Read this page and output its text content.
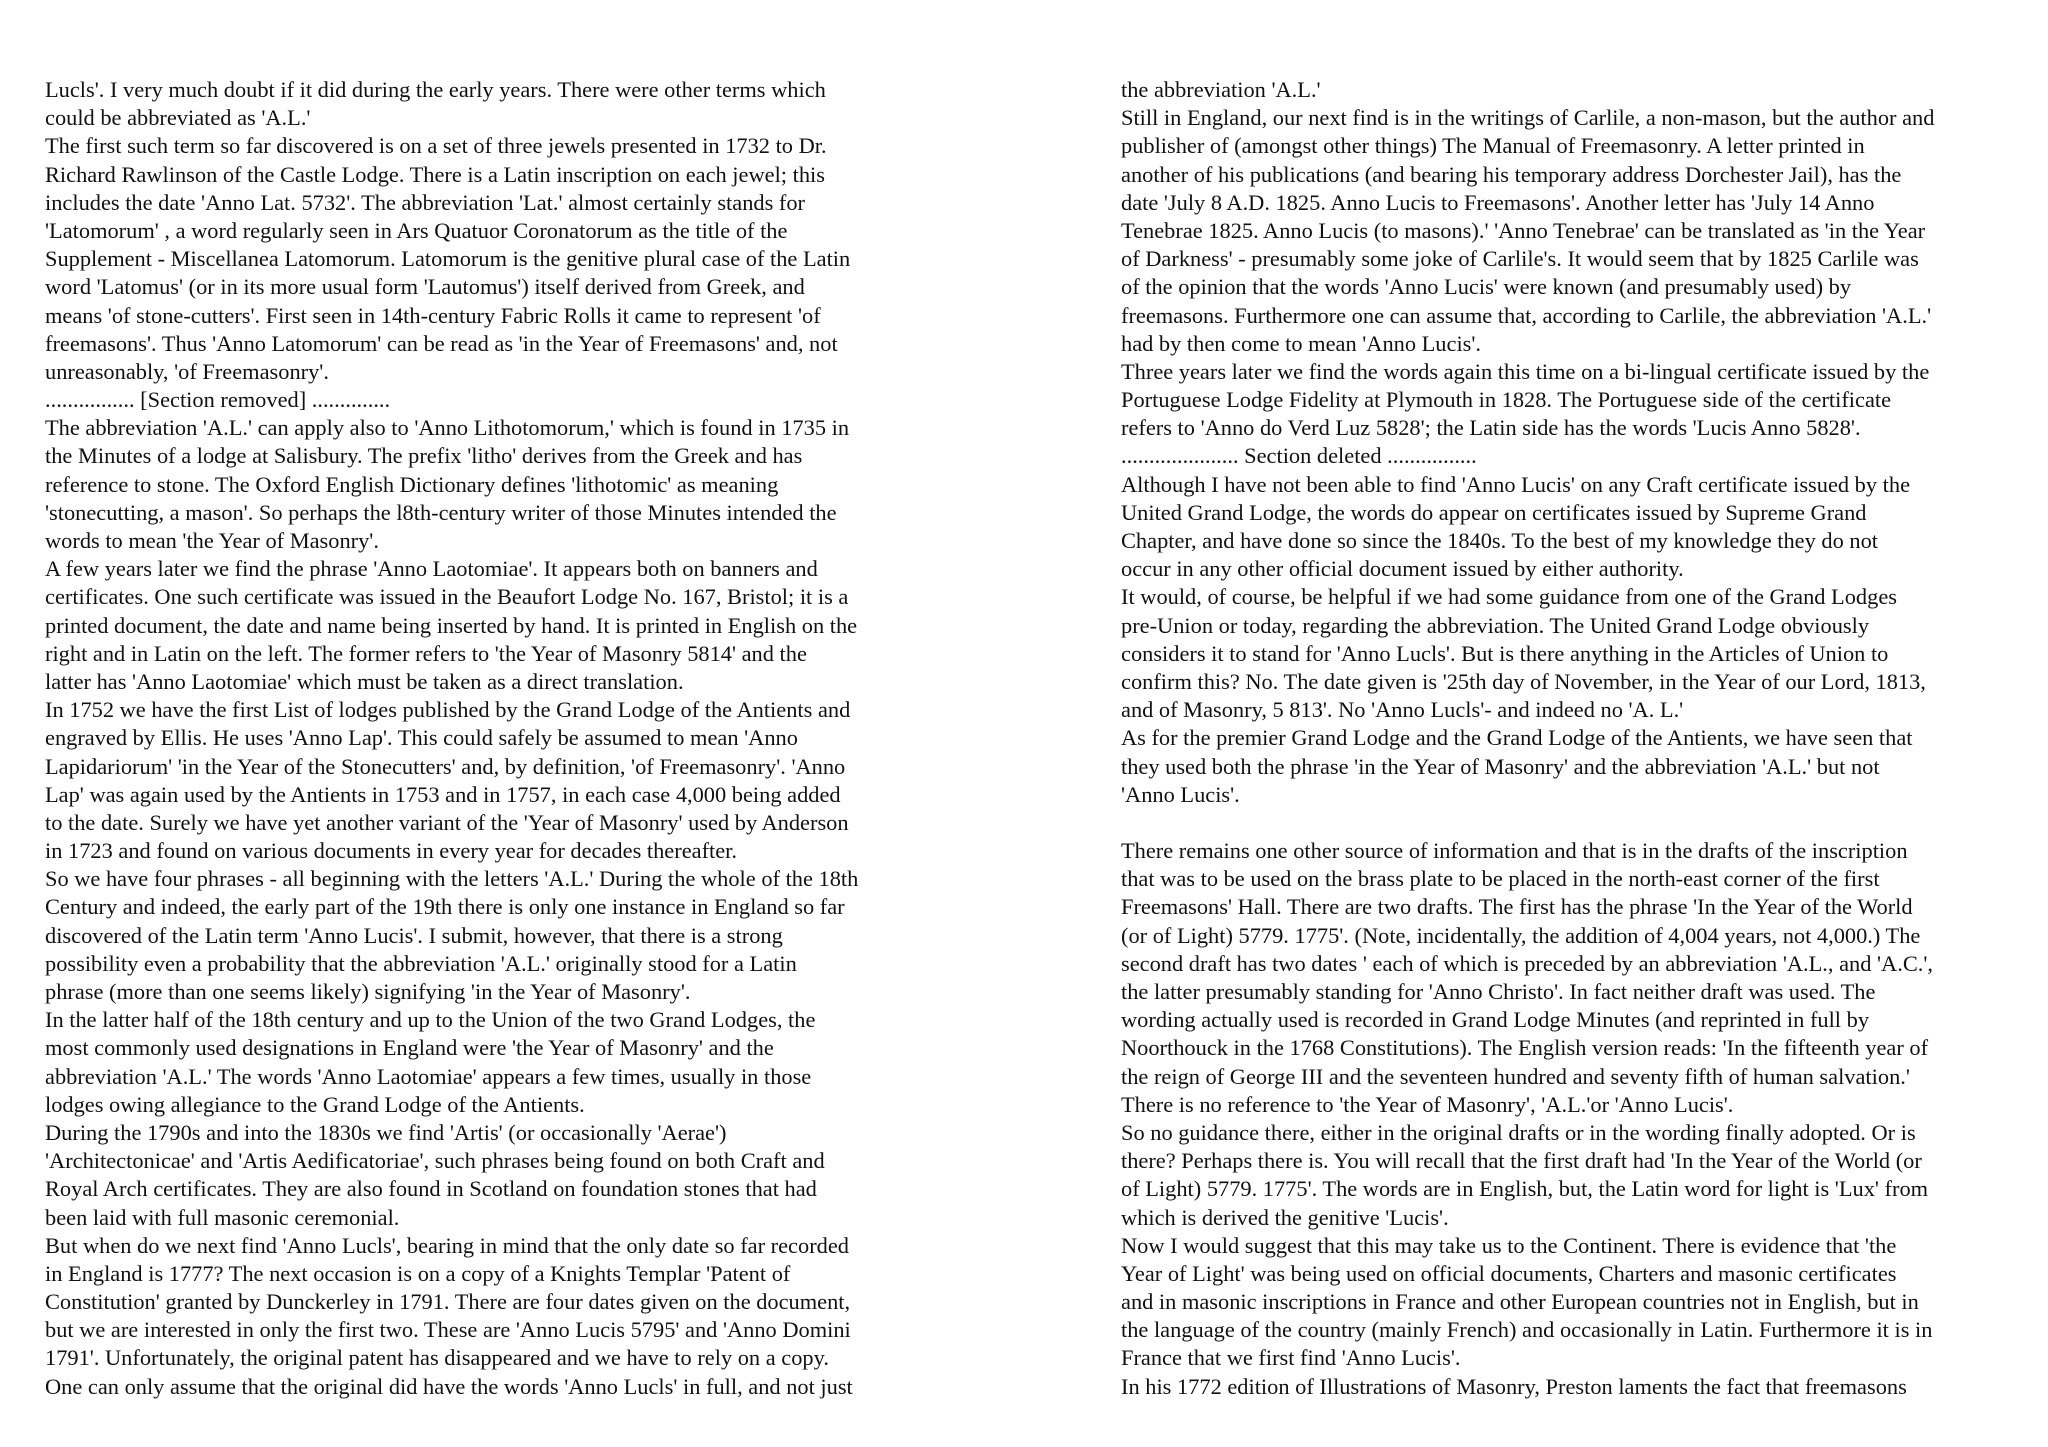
Lucls'. I very much doubt if it did during the early years. There were other terms which
could be abbreviated as 'A.L.'
The first such term so far discovered is on a set of three jewels presented in 1732 to Dr.
Richard Rawlinson of the Castle Lodge. There is a Latin inscription on each jewel; this
includes the date 'Anno Lat. 5732'. The abbreviation 'Lat.' almost certainly stands for
'Latomorum' , a word regularly seen in Ars Quatuor Coronatorum as the title of the
Supplement - Miscellanea Latomorum. Latomorum is the genitive plural case of the Latin
word 'Latomus' (or in its more usual form 'Lautomus') itself derived from Greek, and
means 'of stone-cutters'. First seen in 14th-century Fabric Rolls it came to represent 'of
freemasons'. Thus 'Anno Latomorum' can be read as 'in the Year of Freemasons' and, not
unreasonably, 'of Freemasonry'.
................ [Section removed] ..............
The abbreviation 'A.L.' can apply also to 'Anno Lithotomorum,' which is found in 1735 in
the Minutes of a lodge at Salisbury. The prefix 'litho' derives from the Greek and has
reference to stone. The Oxford English Dictionary defines 'lithotomic' as meaning
'stonecutting, a mason'. So perhaps the l8th-century writer of those Minutes intended the
words to mean 'the Year of Masonry'.
A few years later we find the phrase 'Anno Laotomiae'. It appears both on banners and
certificates. One such certificate was issued in the Beaufort Lodge No. 167, Bristol; it is a
printed document, the date and name being inserted by hand. It is printed in English on the
right and in Latin on the left. The former refers to 'the Year of Masonry 5814' and the
latter has 'Anno Laotomiae' which must be taken as a direct translation.
In 1752 we have the first List of lodges published by the Grand Lodge of the Antients and
engraved by Ellis. He uses 'Anno Lap'. This could safely be assumed to mean 'Anno
Lapidariorum' 'in the Year of the Stonecutters' and, by definition, 'of Freemasonry'. 'Anno
Lap' was again used by the Antients in 1753 and in 1757, in each case 4,000 being added
to the date. Surely we have yet another variant of the 'Year of Masonry' used by Anderson
in 1723 and found on various documents in every year for decades thereafter.
So we have four phrases - all beginning with the letters 'A.L.' During the whole of the 18th
Century and indeed, the early part of the 19th there is only one instance in England so far
discovered of the Latin term 'Anno Lucis'. I submit, however, that there is a strong
possibility even a probability that the abbreviation 'A.L.' originally stood for a Latin
phrase (more than one seems likely) signifying 'in the Year of Masonry'.
In the latter half of the 18th century and up to the Union of the two Grand Lodges, the
most commonly used designations in England were 'the Year of Masonry' and the
abbreviation 'A.L.' The words 'Anno Laotomiae' appears a few times, usually in those
lodges owing allegiance to the Grand Lodge of the Antients.
During the 1790s and into the 1830s we find 'Artis' (or occasionally 'Aerae')
'Architectonicae' and 'Artis Aedificatoriae', such phrases being found on both Craft and
Royal Arch certificates. They are also found in Scotland on foundation stones that had
been laid with full masonic ceremonial.
But when do we next find 'Anno Lucls', bearing in mind that the only date so far recorded
in England is 1777? The next occasion is on a copy of a Knights Templar 'Patent of
Constitution' granted by Dunckerley in 1791. There are four dates given on the document,
but we are interested in only the first two. These are 'Anno Lucis 5795' and 'Anno Domini
1791'. Unfortunately, the original patent has disappeared and we have to rely on a copy.
One can only assume that the original did have the words 'Anno Lucls' in full, and not just
the abbreviation 'A.L.'
Still in England, our next find is in the writings of Carlile, a non-mason, but the author and
publisher of (amongst other things) The Manual of Freemasonry. A letter printed in
another of his publications (and bearing his temporary address Dorchester Jail), has the
date 'July 8 A.D. 1825. Anno Lucis to Freemasons'. Another letter has 'July 14 Anno
Tenebrae 1825. Anno Lucis (to masons).' 'Anno Tenebrae' can be translated as 'in the Year
of Darkness' - presumably some joke of Carlile's. It would seem that by 1825 Carlile was
of the opinion that the words 'Anno Lucis' were known (and presumably used) by
freemasons. Furthermore one can assume that, according to Carlile, the abbreviation 'A.L.'
had by then come to mean 'Anno Lucis'.
Three years later we find the words again this time on a bi-lingual certificate issued by the
Portuguese Lodge Fidelity at Plymouth in 1828. The Portuguese side of the certificate
refers to 'Anno do Verd Luz 5828'; the Latin side has the words 'Lucis Anno 5828'.
..................... Section deleted ................
Although I have not been able to find 'Anno Lucis' on any Craft certificate issued by the
United Grand Lodge, the words do appear on certificates issued by Supreme Grand
Chapter, and have done so since the 1840s. To the best of my knowledge they do not
occur in any other official document issued by either authority.
It would, of course, be helpful if we had some guidance from one of the Grand Lodges
pre-Union or today, regarding the abbreviation. The United Grand Lodge obviously
considers it to stand for 'Anno Lucls'. But is there anything in the Articles of Union to
confirm this? No. The date given is '25th day of November, in the Year of our Lord, 1813,
and of Masonry, 5 813'. No 'Anno Lucls'- and indeed no 'A. L.'
As for the premier Grand Lodge and the Grand Lodge of the Antients, we have seen that
they used both the phrase 'in the Year of Masonry' and the abbreviation 'A.L.' but not
'Anno Lucis'.
There remains one other source of information and that is in the drafts of the inscription
that was to be used on the brass plate to be placed in the north-east corner of the first
Freemasons' Hall. There are two drafts. The first has the phrase 'In the Year of the World
(or of Light) 5779. 1775'. (Note, incidentally, the addition of 4,004 years, not 4,000.) The
second draft has two dates ' each of which is preceded by an abbreviation 'A.L., and 'A.C.',
the latter presumably standing for 'Anno Christo'. In fact neither draft was used. The
wording actually used is recorded in Grand Lodge Minutes (and reprinted in full by
Noorthouck in the 1768 Constitutions). The English version reads: 'In the fifteenth year of
the reign of George III and the seventeen hundred and seventy fifth of human salvation.'
There is no reference to 'the Year of Masonry', 'A.L.'or 'Anno Lucis'.
So no guidance there, either in the original drafts or in the wording finally adopted. Or is
there? Perhaps there is. You will recall that the first draft had 'In the Year of the World (or
of Light) 5779. 1775'. The words are in English, but, the Latin word for light is 'Lux' from
which is derived the genitive 'Lucis'.
Now I would suggest that this may take us to the Continent. There is evidence that 'the
Year of Light' was being used on official documents, Charters and masonic certificates
and in masonic inscriptions in France and other European countries not in English, but in
the language of the country (mainly French) and occasionally in Latin. Furthermore it is in
France that we first find 'Anno Lucis'.
In his 1772 edition of Illustrations of Masonry, Preston laments the fact that freemasons
